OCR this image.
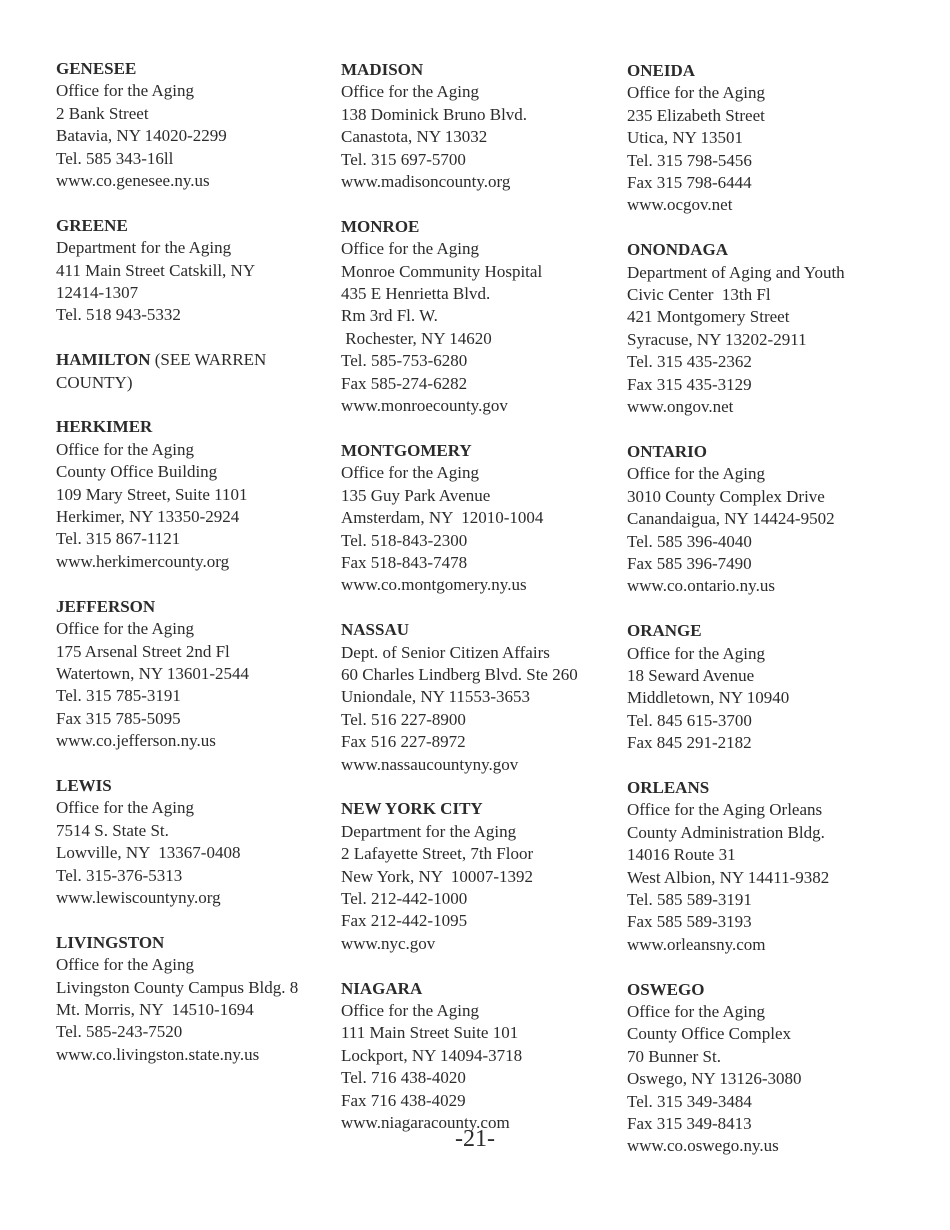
GENESEE
Office for the Aging
2 Bank Street
Batavia, NY 14020-2299
Tel. 585 343-16ll
www.co.genesee.ny.us
GREENE
Department for the Aging
411 Main Street Catskill, NY
12414-1307
Tel. 518 943-5332
HAMILTON (SEE WARREN
COUNTY)
HERKIMER
Office for the Aging
County Office Building
109 Mary Street, Suite 1101
Herkimer, NY 13350-2924
Tel. 315 867-1121
www.herkimercounty.org
JEFFERSON
Office for the Aging
175 Arsenal Street 2nd Fl
Watertown, NY 13601-2544
Tel. 315 785-3191
Fax 315 785-5095
www.co.jefferson.ny.us
LEWIS
Office for the Aging
7514 S. State St.
Lowville, NY  13367-0408
Tel. 315-376-5313
www.lewiscountyny.org
LIVINGSTON
Office for the Aging
Livingston County Campus Bldg. 8
Mt. Morris, NY  14510-1694
Tel. 585-243-7520
www.co.livingston.state.ny.us
MADISON
Office for the Aging
138 Dominick Bruno Blvd.
Canastota, NY 13032
Tel. 315 697-5700
www.madisoncounty.org
MONROE
Office for the Aging
Monroe Community Hospital
435 E Henrietta Blvd.
Rm 3rd Fl. W.
Rochester, NY 14620
Tel. 585-753-6280
Fax 585-274-6282
www.monroecounty.gov
MONTGOMERY
Office for the Aging
135 Guy Park Avenue
Amsterdam, NY  12010-1004
Tel. 518-843-2300
Fax 518-843-7478
www.co.montgomery.ny.us
NASSAU
Dept. of Senior Citizen Affairs
60 Charles Lindberg Blvd. Ste 260
Uniondale, NY 11553-3653
Tel. 516 227-8900
Fax 516 227-8972
www.nassaucountyny.gov
NEW YORK CITY
Department for the Aging
2 Lafayette Street, 7th Floor
New York, NY  10007-1392
Tel. 212-442-1000
Fax 212-442-1095
www.nyc.gov
NIAGARA
Office for the Aging
111 Main Street Suite 101
Lockport, NY 14094-3718
Tel. 716 438-4020
Fax 716 438-4029
www.niagaracounty.com
ONEIDA
Office for the Aging
235 Elizabeth Street
Utica, NY 13501
Tel. 315 798-5456
Fax 315 798-6444
www.ocgov.net
ONONDAGA
Department of Aging and Youth
Civic Center  13th Fl
421 Montgomery Street
Syracuse, NY 13202-2911
Tel. 315 435-2362
Fax 315 435-3129
www.ongov.net
ONTARIO
Office for the Aging
3010 County Complex Drive
Canandaigua, NY 14424-9502
Tel. 585 396-4040
Fax 585 396-7490
www.co.ontario.ny.us
ORANGE
Office for the Aging
18 Seward Avenue
Middletown, NY 10940
Tel. 845 615-3700
Fax 845 291-2182
ORLEANS
Office for the Aging Orleans
County Administration Bldg.
14016 Route 31
West Albion, NY 14411-9382
Tel. 585 589-3191
Fax 585 589-3193
www.orleansny.com
OSWEGO
Office for the Aging
County Office Complex
70 Bunner St.
Oswego, NY 13126-3080
Tel. 315 349-3484
Fax 315 349-8413
www.co.oswego.ny.us
-21-
